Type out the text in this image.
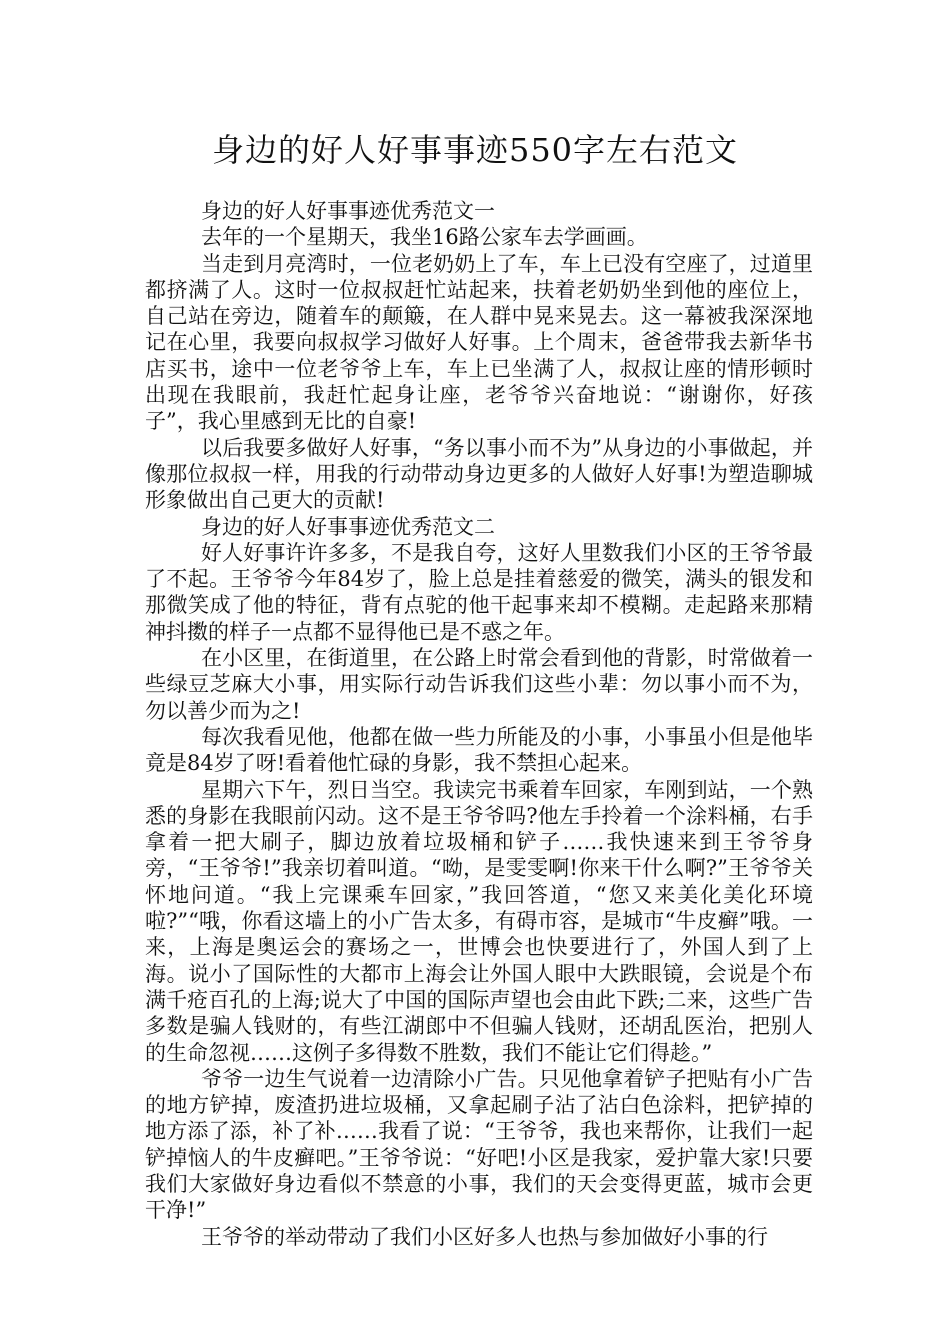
身边的好人好事事迹550字左右范文

身边的好人好事事迹优秀范文一

去年的一个星期天，我坐16路公家车去学画画。

当走到月亮湾时，一位老奶奶上了车，车上已没有空座了，过道里都挤满了人。这时一位叔叔赶忙站起来，扶着老奶奶坐到他的座位上，自己站在旁边，随着车的颠簸，在人群中晃来晃去。这一幕被我深深地记在心里，我要向叔叔学习做好人好事。上个周末，爸爸带我去新华书店买书，途中一位老爷爷上车，车上已坐满了人，叔叔让座的情形顿时出现在我眼前，我赶忙起身让座，老爷爷兴奋地说：“谢谢你，好孩子”，我心里感到无比的自豪!

以后我要多做好人好事，“务以事小而不为”从身边的小事做起，并像那位叔叔一样，用我的行动带动身边更多的人做好人好事!为塑造聊城形象做出自己更大的贡献!

身边的好人好事事迹优秀范文二

好人好事许许多多，不是我自夸，这好人里数我们小区的王爷爷最了不起。王爷爷今年84岁了，脸上总是挂着慈爱的微笑，满头的银发和那微笑成了他的特征，背有点驼的他干起事来却不模糊。走起路来那精神抖擞的样子一点都不显得他已是不惑之年。

在小区里，在街道里，在公路上时常会看到他的背影，时常做着一些绿豆芝麻大小事，用实际行动告诉我们这些小辈：勿以事小而不为，勿以善少而为之!

每次我看见他，他都在做一些力所能及的小事，小事虽小但是他毕竟是84岁了呀!看着他忙碌的身影，我不禁担心起来。

星期六下午，烈日当空。我读完书乘着车回家，车刚到站，一个熟悉的身影在我眼前闪动。这不是王爷爷吗?他左手拎着一个涂料桶，右手拿着一把大刷子，脚边放着垃圾桶和铲子……我快速来到王爷爷身旁，“王爷爷!”我亲切着叫道。“呦，是雯雯啊!你来干什么啊?”王爷爷关怀地问道。“我上完课乘车回家，”我回答道，“您又来美化美化环境啦?”“哦，你看这墙上的小广告太多，有碍市容，是城市“牛皮癣”哦。一来，上海是奥运会的赛场之一，世博会也快要进行了，外国人到了上海。说小了国际性的大都市上海会让外国人眼中大跌眼镜，会说是个布满千疮百孔的上海;说大了中国的国际声望也会由此下跌;二来，这些广告多数是骗人钱财的，有些江湖郎中不但骗人钱财，还胡乱医治，把别人的生命忽视……这例子多得数不胜数，我们不能让它们得趁。”

爷爷一边生气说着一边清除小广告。只见他拿着铲子把贴有小广告的地方铲掉，废渣扔进垃圾桶，又拿起刷子沾了沾白色涂料，把铲掉的地方添了添，补了补……我看了说：“王爷爷，我也来帮你，让我们一起铲掉恼人的牛皮癣吧。”王爷爷说：“好吧!小区是我家，爱护靠大家!只要我们大家做好身边看似不禁意的小事，我们的天会变得更蓝，城市会更干净!”

王爷爷的举动带动了我们小区好多人也热与参加做好小事的行
